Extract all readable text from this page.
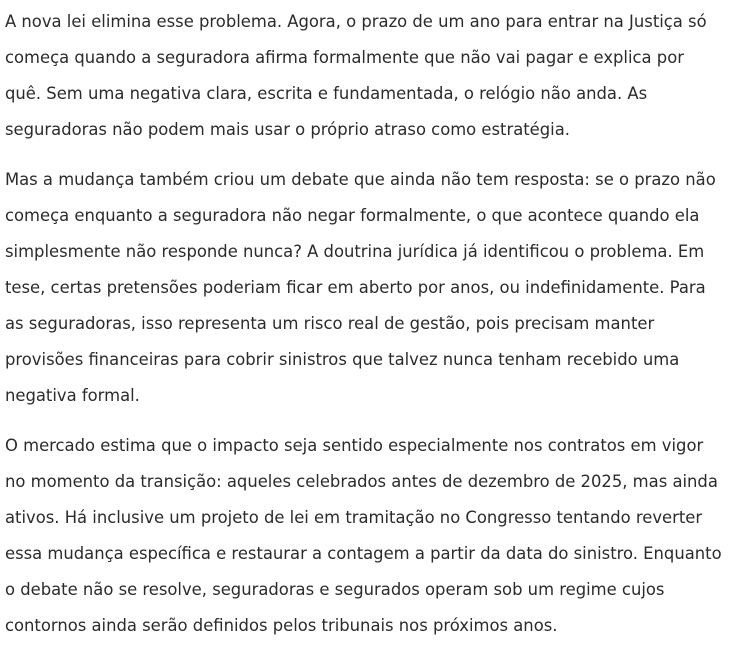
A nova lei elimina esse problema. Agora, o prazo de um ano para entrar na Justiça só
começa quando a seguradora afirma formalmente que não vai pagar e explica por
quê. Sem uma negativa clara, escrita e fundamentada, o relógio não anda. As
seguradoras não podem mais usar o próprio atraso como estratégia.

Mas a mudança também criou um debate que ainda não tem resposta: se o prazo não
começa enquanto a seguradora não negar formalmente, o que acontece quando ela
simplesmente não responde nunca? A doutrina jurídica já identificou o problema. Em
tese, certas pretensões poderiam ficar em aberto por anos, ou indefinidamente. Para
as seguradoras, isso representa um risco real de gestão, pois precisam manter
provisões financeiras para cobrir sinistros que talvez nunca tenham recebido uma
negativa formal.

O mercado estima que o impacto seja sentido especialmente nos contratos em vigor
no momento da transição: aqueles celebrados antes de dezembro de 2025, mas ainda
ativos. Há inclusive um projeto de lei em tramitação no Congresso tentando reverter
essa mudança específica e restaurar a contagem a partir da data do sinistro. Enquanto
o debate não se resolve, seguradoras e segurados operam sob um regime cujos
contornos ainda serão definidos pelos tribunais nos próximos anos.
